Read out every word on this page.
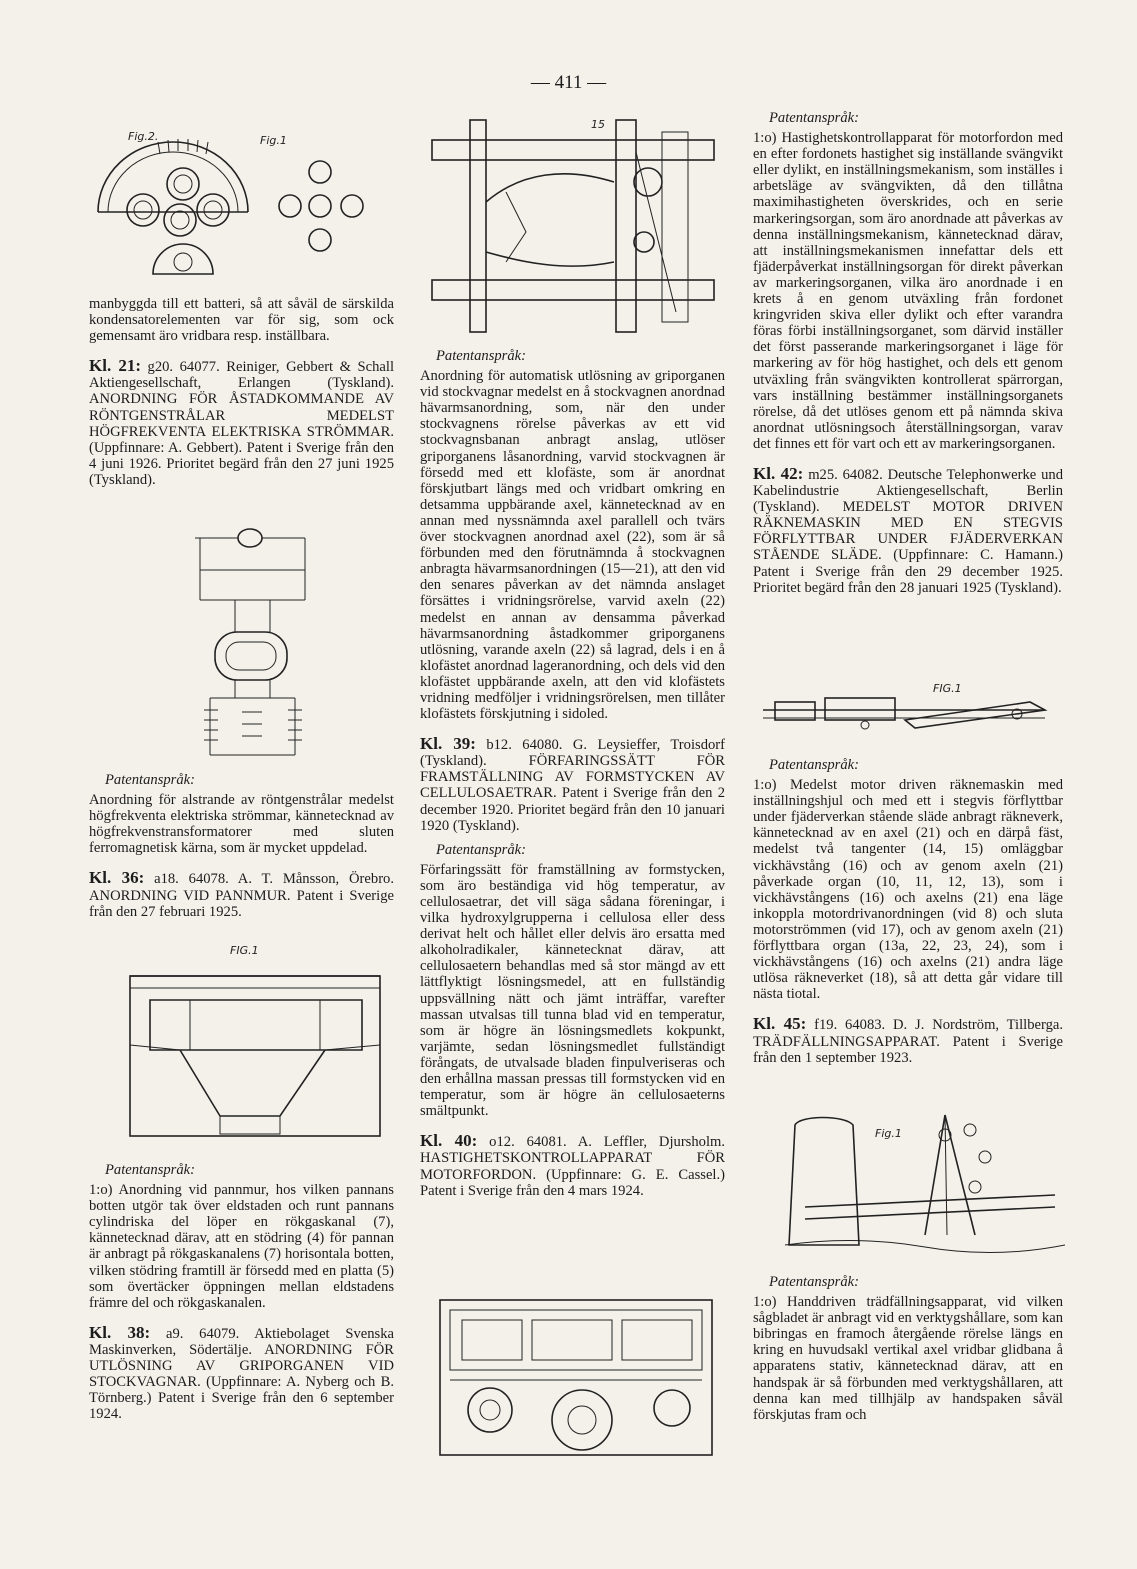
— 411 —
Fig.2.	Fig.1
FIG.1
15
FIG.1
Fig.1

manbyggda till ett batteri, så att såväl de särskilda kondensatorelementen var för sig, som ock gemensamt äro vridbara resp. inställbara.

Kl. 21: g20. 64077. Reiniger, Gebbert & Schall Aktiengesellschaft, Erlangen (Tyskland). ANORDNING FÖR ÅSTADKOMMANDE AV RÖNTGENSTRÅLAR MEDELST HÖGFREKVENTA ELEKTRISKA STRÖMMAR. (Uppfinnare: A. Gebbert). Patent i Sverige från den 4 juni 1926. Prioritet begärd från den 27 juni 1925 (Tyskland).

Patentanspråk:

Anordning för alstrande av röntgenstrålar medelst högfrekventa elektriska strömmar, kännetecknad av högfrekvenstransformatorer med sluten ferromagnetisk kärna, som är mycket uppdelad.

Kl. 36: a18. 64078. A. T. Månsson, Örebro. ANORDNING VID PANNMUR. Patent i Sverige från den 27 februari 1925.

Patentanspråk:

1:o) Anordning vid pannmur, hos vilken pannans botten utgör tak över eldstaden och runt pannans cylindriska del löper en rökgaskanal (7), kännetecknad därav, att en stödring (4) för pannan är anbragt på rökgaskanalens (7) horisontala botten, vilken stödring framtill är försedd med en platta (5) som övertäcker öppningen mellan eldstadens främre del och rökgaskanalen.

Kl. 38: a9. 64079. Aktiebolaget Svenska Maskinverken, Södertälje. ANORDNING FÖR UTLÖSNING AV GRIPORGANEN VID STOCKVAGNAR. (Uppfinnare: A. Nyberg och B. Törnberg.) Patent i Sverige från den 6 september 1924.

Patentanspråk:

Anordning för automatisk utlösning av griporganen vid stockvagnar medelst en å stockvagnen anordnad hävarmsanordning, som, när den under stockvagnens rörelse påverkas av ett vid stockvagnsbanan anbragt anslag, utlöser griporganens låsanordning, varvid stockvagnen är försedd med ett klofäste, som är anordnat förskjutbart längs med och vridbart omkring en detsamma uppbärande axel, kännetecknad av en annan med nyssnämnda axel parallell och tvärs över stockvagnen anordnad axel (22), som är så förbunden med den förutnämnda å stockvagnen anbragta hävarmsanordningen (15—21), att den vid den senares påverkan av det nämnda anslaget försättes i vridningsrörelse, varvid axeln (22) medelst en annan av densamma påverkad hävarmsanordning åstadkommer griporganens utlösning, varande axeln (22) så lagrad, dels i en å klofästet anordnad lageranordning, och dels vid den klofästet uppbärande axeln, att den vid klofästets vridning medföljer i vridningsrörelsen, men tillåter klofästets förskjutning i sidoled.

Kl. 39: b12. 64080. G. Leysieffer, Troisdorf (Tyskland). FÖRFARINGSSÄTT FÖR FRAMSTÄLLNING AV FORMSTYCKEN AV CELLULOSAETRAR. Patent i Sverige från den 2 december 1920. Prioritet begärd från den 10 januari 1920 (Tyskland).

Patentanspråk:

Förfaringssätt för framställning av formstycken, som äro beständiga vid hög temperatur, av cellulosaetrar, det vill säga sådana föreningar, i vilka hydroxylgrupperna i cellulosa eller dess derivat helt och hållet eller delvis äro ersatta med alkoholradikaler, kännetecknat därav, att cellulosaetern behandlas med så stor mängd av ett lättflyktigt lösningsmedel, att en fullständig uppsvällning nätt och jämt inträffar, varefter massan utvalsas till tunna blad vid en temperatur, som är högre än lösningsmedlets kokpunkt, varjämte, sedan lösningsmedlet fullständigt förångats, de utvalsade bladen finpulveriseras och den erhållna massan pressas till formstycken vid en temperatur, som är högre än cellulosaeterns smältpunkt.

Kl. 40: o12. 64081. A. Leffler, Djursholm. HASTIGHETSKONTROLLAPPARAT FÖR MOTORFORDON. (Uppfinnare: G. E. Cassel.) Patent i Sverige från den 4 mars 1924.

Patentanspråk:

1:o) Hastighetskontrollapparat för motorfordon med en efter fordonets hastighet sig inställande svängvikt eller dylikt, en inställningsmekanism, som inställes i arbetsläge av svängvikten, då den tillåtna maximihastigheten överskrides, och en serie markeringsorgan, som äro anordnade att påverkas av denna inställningsmekanism, kännetecknad därav, att inställningsmekanismen innefattar dels ett fjäderpåverkat inställningsorgan för direkt påverkan av markeringsorganen, vilka äro anordnade i en krets å en genom utväxling från fordonet kringvriden skiva eller dylikt och efter varandra föras förbi inställningsorganet, som därvid inställer det först passerande markeringsorganet i läge för markering av för hög hastighet, och dels ett genom utväxling från svängvikten kontrollerat spärrorgan, vars inställning bestämmer inställningsorganets rörelse, då det utlöses genom ett på nämnda skiva anordnat utlösningsoch återställningsorgan, varav det finnes ett för vart och ett av markeringsorganen.

Kl. 42: m25. 64082. Deutsche Telephonwerke und Kabelindustrie Aktiengesellschaft, Berlin (Tyskland). MEDELST MOTOR DRIVEN RÄKNEMASKIN MED EN STEGVIS FÖRFLYTTBAR UNDER FJÄDERVERKAN STÅENDE SLÄDE. (Uppfinnare: C. Hamann.) Patent i Sverige från den 29 december 1925. Prioritet begärd från den 28 januari 1925 (Tyskland).

Patentanspråk:

1:o) Medelst motor driven räknemaskin med inställningshjul och med ett i stegvis förflyttbar under fjäderverkan stående släde anbragt räkneverk, kännetecknad av en axel (21) och en därpå fäst, medelst två tangenter (14, 15) omläggbar vickhävstång (16) och av genom axeln (21) påverkade organ (10, 11, 12, 13), som i vickhävstångens (16) och axelns (21) ena läge inkoppla motordrivanordningen (vid 8) och sluta motorströmmen (vid 17), och av genom axeln (21) förflyttbara organ (13a, 22, 23, 24), som i vickhävstångens (16) och axelns (21) andra läge utlösa räkneverket (18), så att detta går vidare till nästa tiotal.

Kl. 45: f19. 64083. D. J. Nordström, Tillberga. TRÄDFÄLLNINGSAPPARAT. Patent i Sverige från den 1 september 1923.

Patentanspråk:

1:o) Handdriven trädfällningsapparat, vid vilken sågbladet är anbragt vid en verktygshållare, som kan bibringas en framoch återgående rörelse längs en kring en huvudsakl vertikal axel vridbar glidbana å apparatens stativ, kännetecknad därav, att en handspak är så förbunden med verktygshållaren, att denna kan med tillhjälp av handspaken såväl förskjutas fram och
